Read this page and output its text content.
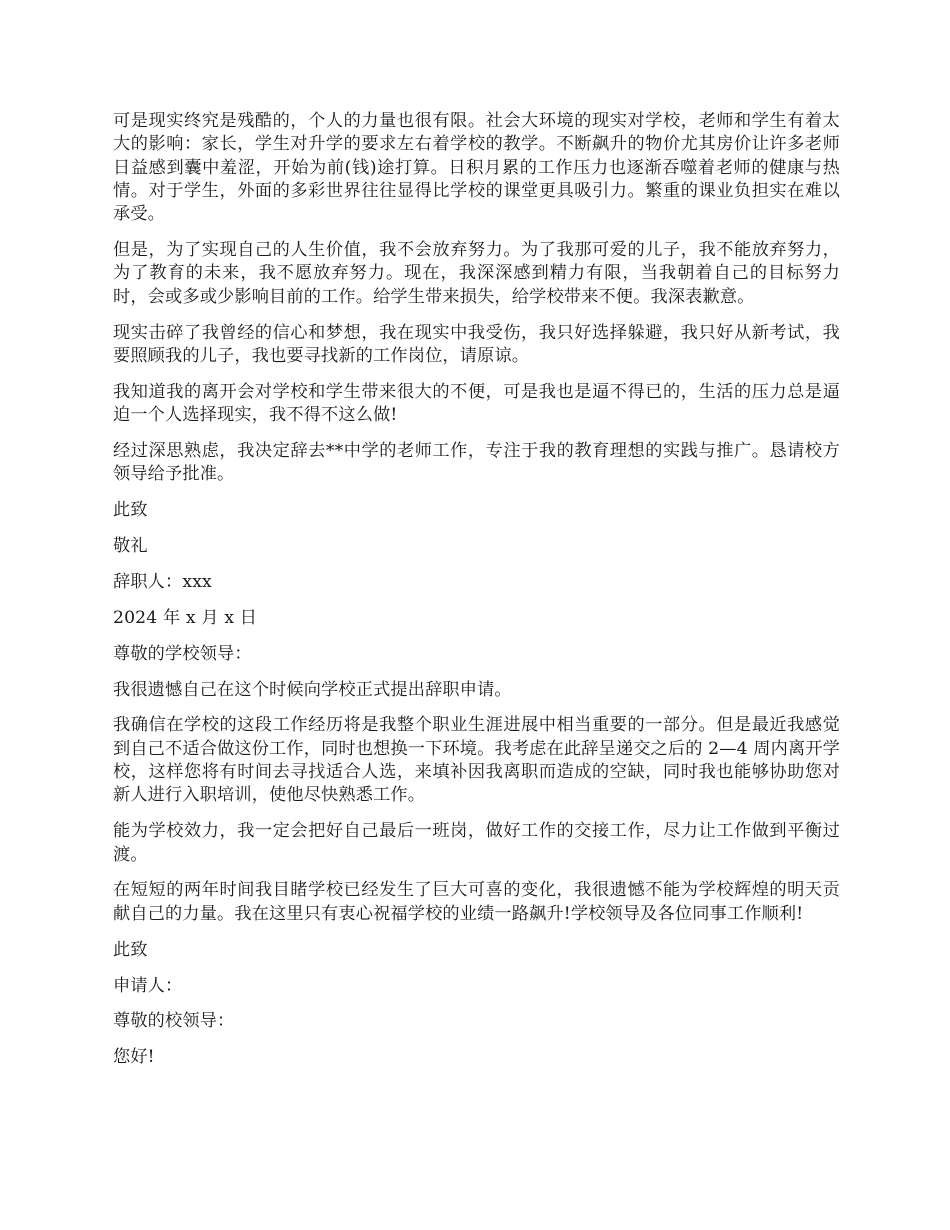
可是现实终究是残酷的，个人的力量也很有限。社会大环境的现实对学校，老师和学生有着太大的影响：家长，学生对升学的要求左右着学校的教学。不断飙升的物价尤其房价让许多老师日益感到囊中羞涩，开始为前(钱)途打算。日积月累的工作压力也逐渐吞噬着老师的健康与热情。对于学生，外面的多彩世界往往显得比学校的课堂更具吸引力。繁重的课业负担实在难以承受。

但是，为了实现自己的人生价值，我不会放弃努力。为了我那可爱的儿子，我不能放弃努力，为了教育的未来，我不愿放弃努力。现在，我深深感到精力有限，当我朝着自己的目标努力时，会或多或少影响目前的工作。给学生带来损失，给学校带来不便。我深表歉意。

现实击碎了我曾经的信心和梦想，我在现实中我受伤，我只好选择躲避，我只好从新考试，我要照顾我的儿子，我也要寻找新的工作岗位，请原谅。

我知道我的离开会对学校和学生带来很大的不便，可是我也是逼不得已的，生活的压力总是逼迫一个人选择现实，我不得不这么做!

经过深思熟虑，我决定辞去**中学的老师工作，专注于我的教育理想的实践与推广。恳请校方领导给予批准。

此致

敬礼

辞职人：xxx

2024 年 x 月 x 日

尊敬的学校领导：

我很遗憾自己在这个时候向学校正式提出辞职申请。

我确信在学校的这段工作经历将是我整个职业生涯进展中相当重要的一部分。但是最近我感觉到自己不适合做这份工作，同时也想换一下环境。我考虑在此辞呈递交之后的 2—4 周内离开学校，这样您将有时间去寻找适合人选，来填补因我离职而造成的空缺，同时我也能够协助您对新人进行入职培训，使他尽快熟悉工作。

能为学校效力，我一定会把好自己最后一班岗，做好工作的交接工作，尽力让工作做到平衡过渡。

在短短的两年时间我目睹学校已经发生了巨大可喜的变化，我很遗憾不能为学校辉煌的明天贡献自己的力量。我在这里只有衷心祝福学校的业绩一路飙升!学校领导及各位同事工作顺利!

此致

申请人：

尊敬的校领导：

您好!
